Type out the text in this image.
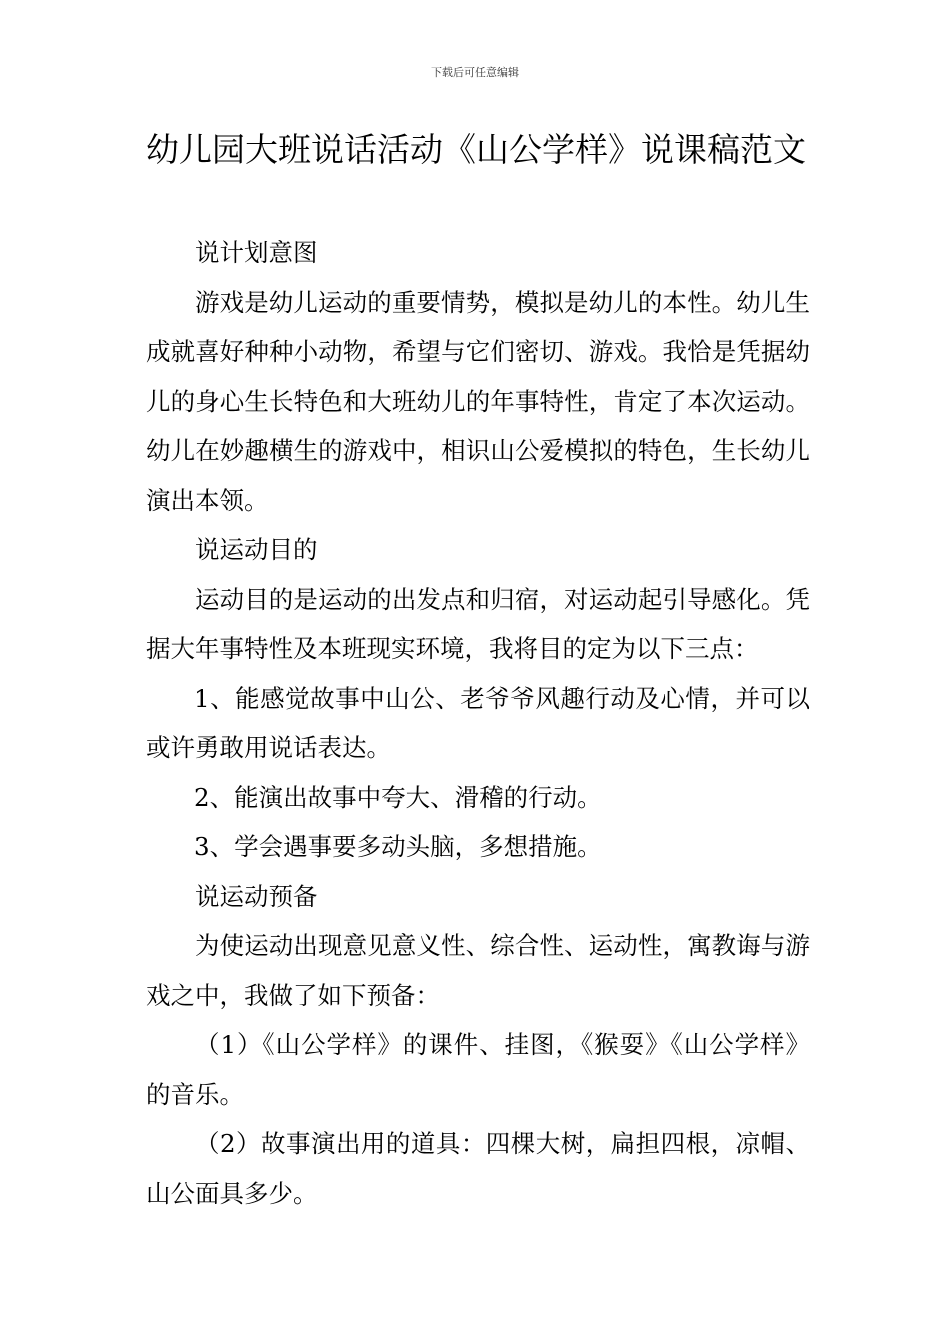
下载后可任意编辑
幼儿园大班说话活动《山公学样》说课稿范文

说计划意图

游戏是幼儿运动的重要情势，模拟是幼儿的本性。幼儿生成就喜好种种小动物，希望与它们密切、游戏。我恰是凭据幼儿的身心生长特色和大班幼儿的年事特性，肯定了本次运动。幼儿在妙趣横生的游戏中，相识山公爱模拟的特色，生长幼儿演出本领。

说运动目的

运动目的是运动的出发点和归宿，对运动起引导感化。凭据大年事特性及本班现实环境，我将目的定为以下三点：

1、能感觉故事中山公、老爷爷风趣行动及心情，并可以或许勇敢用说话表达。

2、能演出故事中夸大、滑稽的行动。

3、学会遇事要多动头脑，多想措施。

说运动预备

为使运动出现意见意义性、综合性、运动性，寓教诲与游戏之中，我做了如下预备：

（1）《山公学样》的课件、挂图，《猴耍》《山公学样》的音乐。

（2）故事演出用的道具：四棵大树，扁担四根，凉帽、山公面具多少。
